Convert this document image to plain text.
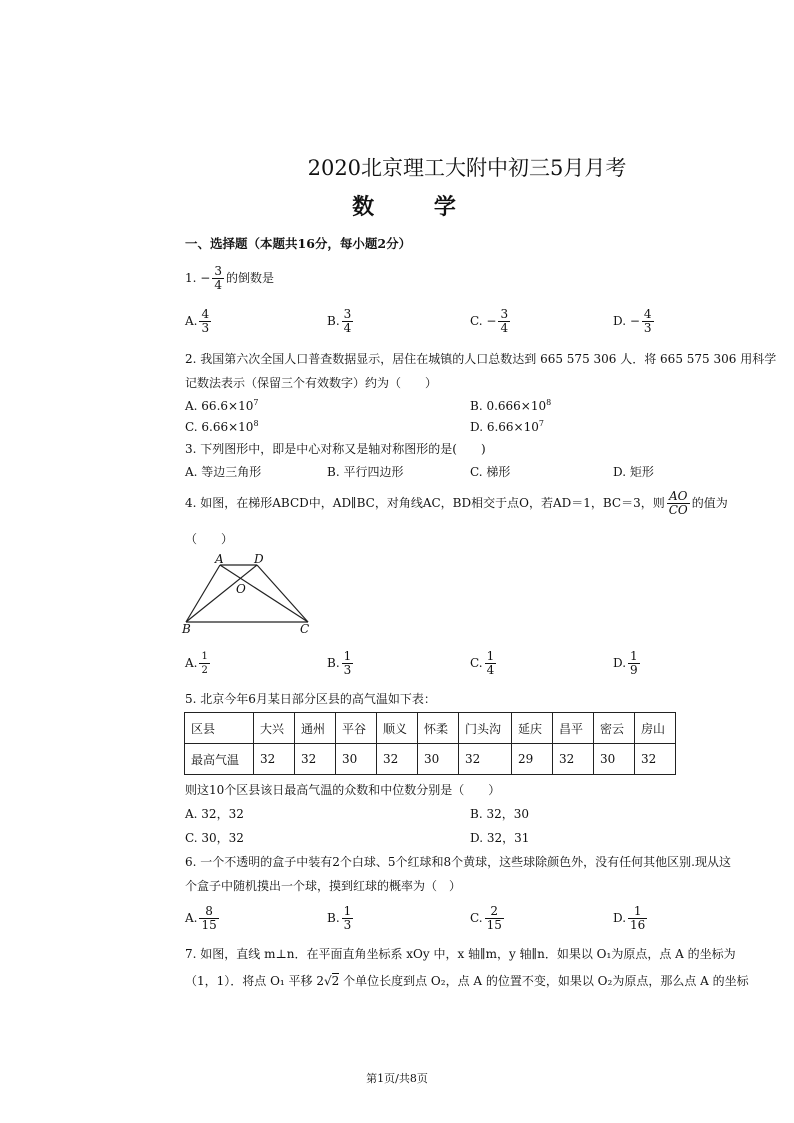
2020北京理工大附中初三5月月考
数 学
一、选择题（本题共16分，每小题2分）
1. − $\frac{3}{4}$ 的倒数是
A. $\frac{4}{3}$	B. $\frac{3}{4}$	C. − $\frac{3}{4}$	D. − $\frac{4}{3}$
2. 我国第六次全国人口普查数据显示，居住在城镇的人口总数达到 665 575 306 人．将 665 575 306 用科学
记数法表示（保留三个有效数字）约为（　　）
A. $66.6\times 10^7$	B. $0.666\times 10^8$
C. $6.66\times 10^8$	D. $6.66\times 10^7$
3. 下列图形中，即是中心对称又是轴对称图形的是(　　)
A. 等边三角形	B. 平行四边形	C. 梯形	D. 矩形
4. 如图，在梯形ABCD中，AD∥BC，对角线AC，BD相交于点O，若AD＝1，BC＝3，则 $\frac{AO}{CO}$ 的值为
（　　）
A	D
O
B	C
A. $\frac{1}{2}$	B. $\frac{1}{3}$	C. $\frac{1}{4}$	D. $\frac{1}{9}$
5. 北京今年6月某日部分区县的高气温如下表：
区县	大兴	通州	平谷	顺义	怀柔	门头沟	延庆	昌平	密云	房山
最高气温	32	32	30	32	30	32	29	32	30	32
则这10个区县该日最高气温的众数和中位数分别是（　　）
A. 32，32	B. 32，30
C. 30，32	D. 32，31
6. 一个不透明的盒子中装有2个白球、5个红球和8个黄球，这些球除颜色外，没有任何其他区别.现从这
个盒子中随机摸出一个球，摸到红球的概率为（　）
A. $\frac{8}{15}$	B. $\frac{1}{3}$	C. $\frac{2}{15}$	D. $\frac{1}{16}$
7. 如图，直线 m⊥n．在平面直角坐标系 xOy 中，x 轴∥m，y 轴∥n．如果以 O₁为原点，点 A 的坐标为
（1，1）．将点 O₁ 平移 2√2 个单位长度到点 O₂，点 A 的位置不变，如果以 O₂为原点，那么点 A 的坐标
第1页/共8页
